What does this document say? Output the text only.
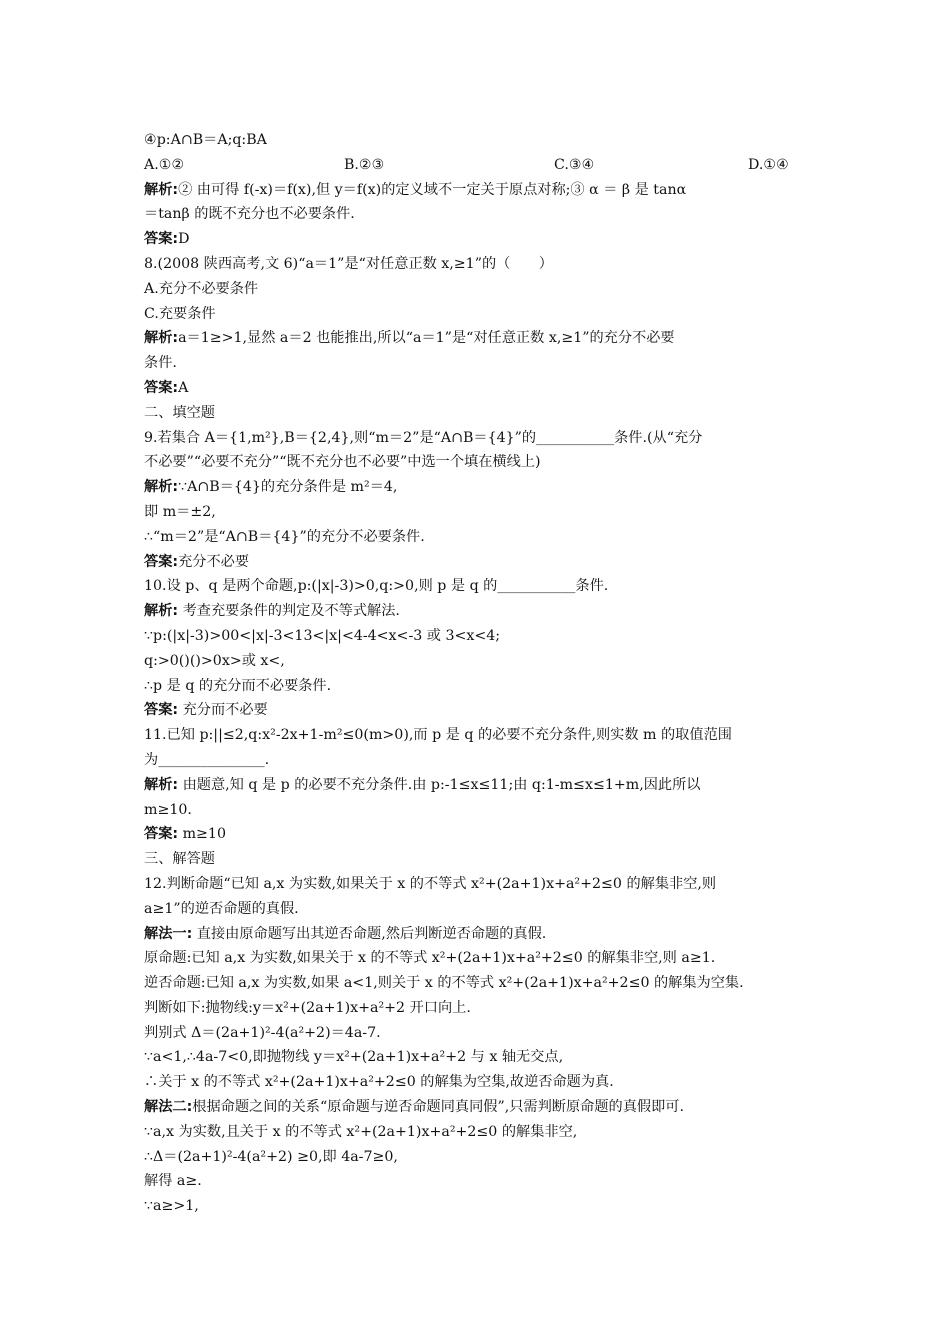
④p:A∩B＝A;q:BA
A.①②	B.②③	C.③④	D.①④
解析:② 由可得 f(-x)＝f(x),但 y＝f(x)的定义域不一定关于原点对称;③ α ＝ β 是 tanα
＝tanβ 的既不充分也不必要条件.
答案:D
8.(2008 陕西高考,文 6)“a＝1”是“对任意正数 x,≥1”的（　　）
A.充分不必要条件
C.充要条件
解析:a＝1≥>1,显然 a＝2 也能推出,所以“a＝1”是“对任意正数 x,≥1”的充分不必要
条件.
答案:A
二、填空题
9.若集合 A＝{1,m²},B＝{2,4},则“m＝2”是“A∩B＝{4}”的___________条件.(从“充分
不必要”“必要不充分”“既不充分也不必要”中选一个填在横线上)
解析:∵A∩B＝{4}的充分条件是 m²＝4,
即 m＝±2,
∴“m＝2”是“A∩B＝{4}”的充分不必要条件.
答案:充分不必要
10.设 p、q 是两个命题,p:(|x|-3)>0,q:>0,则 p 是 q 的___________条件.
解析: 考查充要条件的判定及不等式解法.
∵p:(|x|-3)>00<|x|-3<13<|x|<4-4<x<-3 或 3<x<4;
q:>0()()>0x>或 x<,
∴p 是 q 的充分而不必要条件.
答案: 充分而不必要
11.已知 p:||≤2,q:x²-2x+1-m²≤0(m>0),而 p 是 q 的必要不充分条件,则实数 m 的取值范围
为_______________.
解析: 由题意,知 q 是 p 的必要不充分条件.由 p:-1≤x≤11;由 q:1-m≤x≤1+m,因此所以
m≥10.
答案: m≥10
三、解答题
12.判断命题“已知 a,x 为实数,如果关于 x 的不等式 x²+(2a+1)x+a²+2≤0 的解集非空,则
a≥1”的逆否命题的真假.
解法一: 直接由原命题写出其逆否命题,然后判断逆否命题的真假.
原命题:已知 a,x 为实数,如果关于 x 的不等式 x²+(2a+1)x+a²+2≤0 的解集非空,则 a≥1.
逆否命题:已知 a,x 为实数,如果 a<1,则关于 x 的不等式 x²+(2a+1)x+a²+2≤0 的解集为空集.
判断如下:抛物线:y＝x²+(2a+1)x+a²+2 开口向上.
判别式 Δ＝(2a+1)²-4(a²+2)＝4a-7.
∵a<1,∴4a-7<0,即抛物线 y＝x²+(2a+1)x+a²+2 与 x 轴无交点,
∴关于 x 的不等式 x²+(2a+1)x+a²+2≤0 的解集为空集,故逆否命题为真.
解法二:根据命题之间的关系“原命题与逆否命题同真同假”,只需判断原命题的真假即可.
∵a,x 为实数,且关于 x 的不等式 x²+(2a+1)x+a²+2≤0 的解集非空,
∴Δ＝(2a+1)²-4(a²+2) ≥0,即 4a-7≥0,
解得 a≥.
∵a≥>1,
